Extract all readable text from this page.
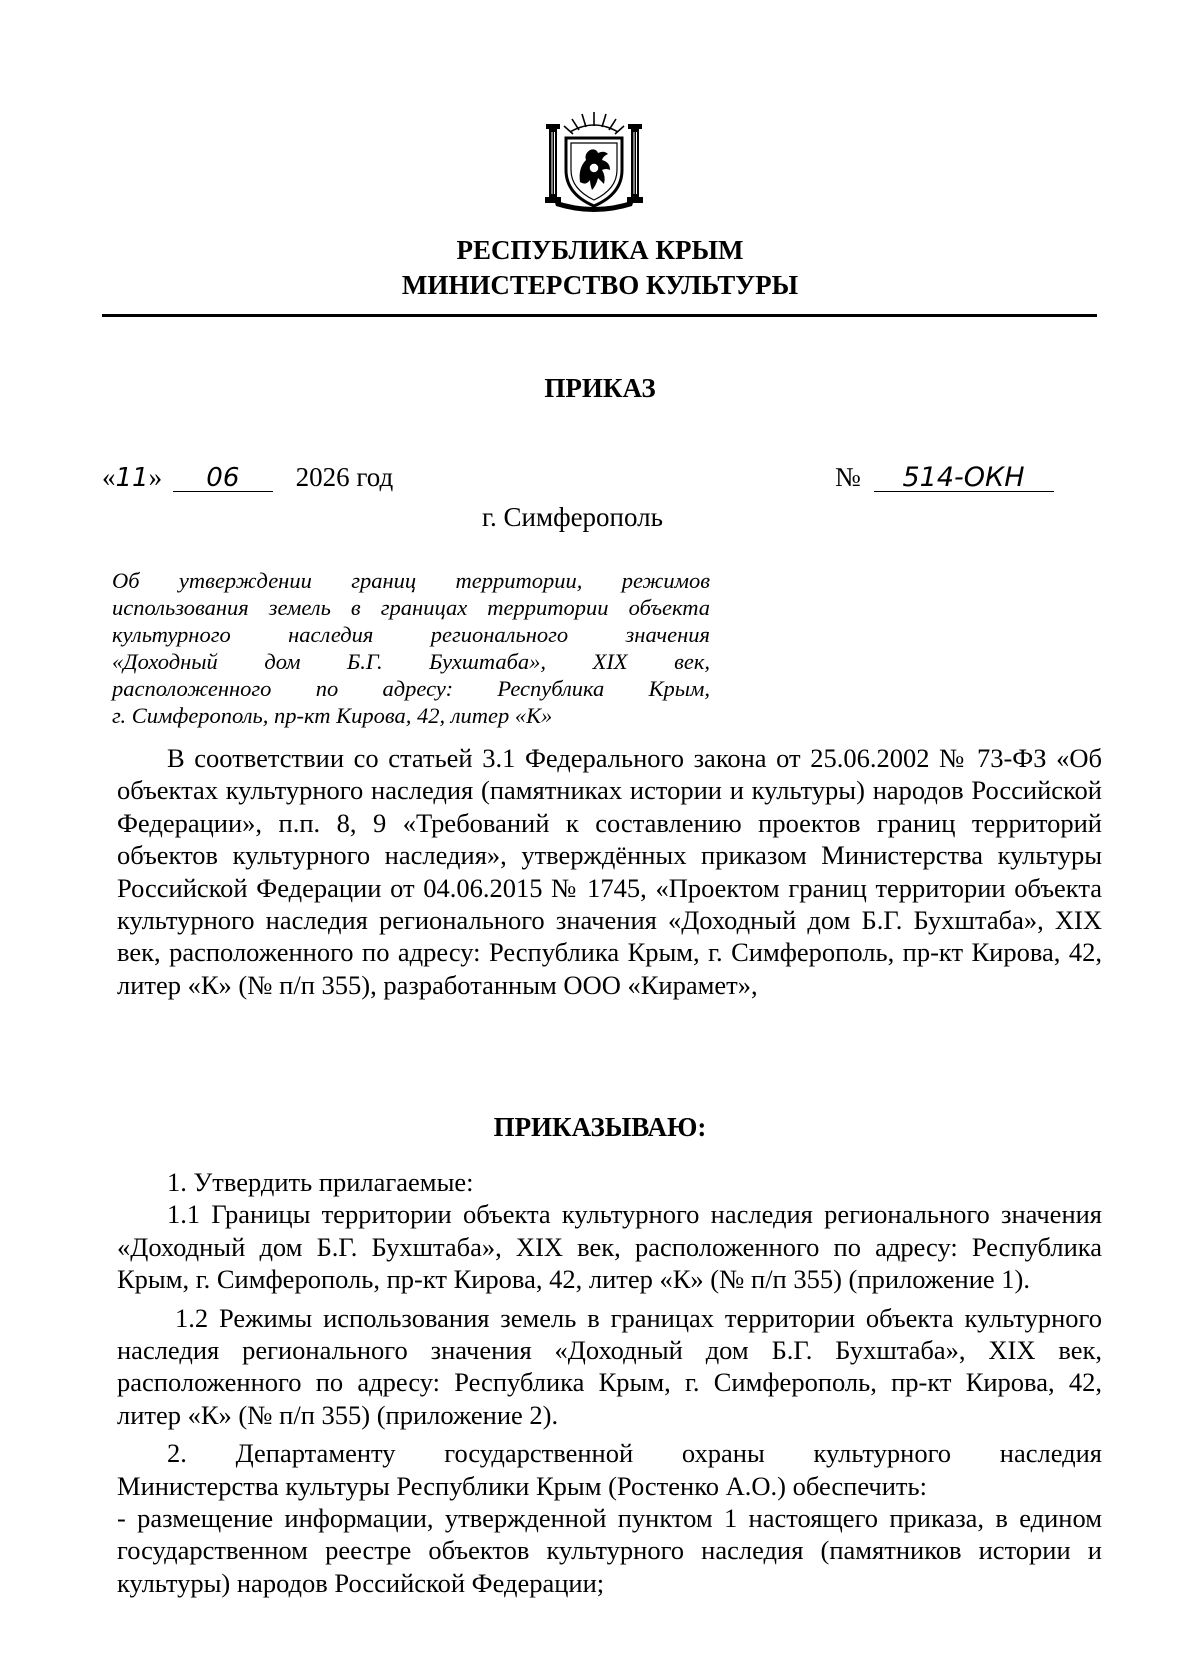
РЕСПУБЛИКА КРЫМ
МИНИСТЕРСТВО КУЛЬТУРЫ
ПРИКАЗ
«11» 06 2026 год	№ 514-ОКН
г. Симферополь

Об утверждении границ территории, режимов

использования земель в границах территории объекта

культурного наследия регионального значения

«Доходный дом Б.Г. Бухштаба», XIX век,

расположенного по адресу: Республика Крым,

г. Симферополь, пр-кт Кирова, 42, литер «К»

В соответствии со статьей 3.1 Федерального закона от 25.06.2002 № 73-ФЗ «Об объектах культурного наследия (памятниках истории и культуры) народов Российской Федерации», п.п. 8, 9 «Требований к составлению проектов границ территорий объектов культурного наследия», утверждённых приказом Министерства культуры Российской Федерации от 04.06.2015 № 1745, «Проектом границ территории объекта культурного наследия регионального значения «Доходный дом Б.Г. Бухштаба», XIX век, расположенного по адресу: Республика Крым, г. Симферополь, пр-кт Кирова, 42, литер «К» (№ п/п 355), разработанным ООО «Кирамет»,

ПРИКАЗЫВАЮ:

1. Утвердить прилагаемые:

1.1 Границы территории объекта культурного наследия регионального значения «Доходный дом Б.Г. Бухштаба», XIX век, расположенного по адресу: Республика Крым, г. Симферополь, пр-кт Кирова, 42, литер «К» (№ п/п 355) (приложение 1).

1.2 Режимы использования земель в границах территории объекта культурного наследия регионального значения «Доходный дом Б.Г. Бухштаба», XIX век, расположенного по адресу: Республика Крым, г. Симферополь, пр-кт Кирова, 42, литер «К» (№ п/п 355) (приложение 2).

2. Департаменту государственной охраны культурного наследия

Министерства культуры Республики Крым (Ростенко А.О.) обеспечить:

- размещение информации, утвержденной пунктом 1 настоящего приказа, в едином государственном реестре объектов культурного наследия (памятников истории и культуры) народов Российской Федерации;
